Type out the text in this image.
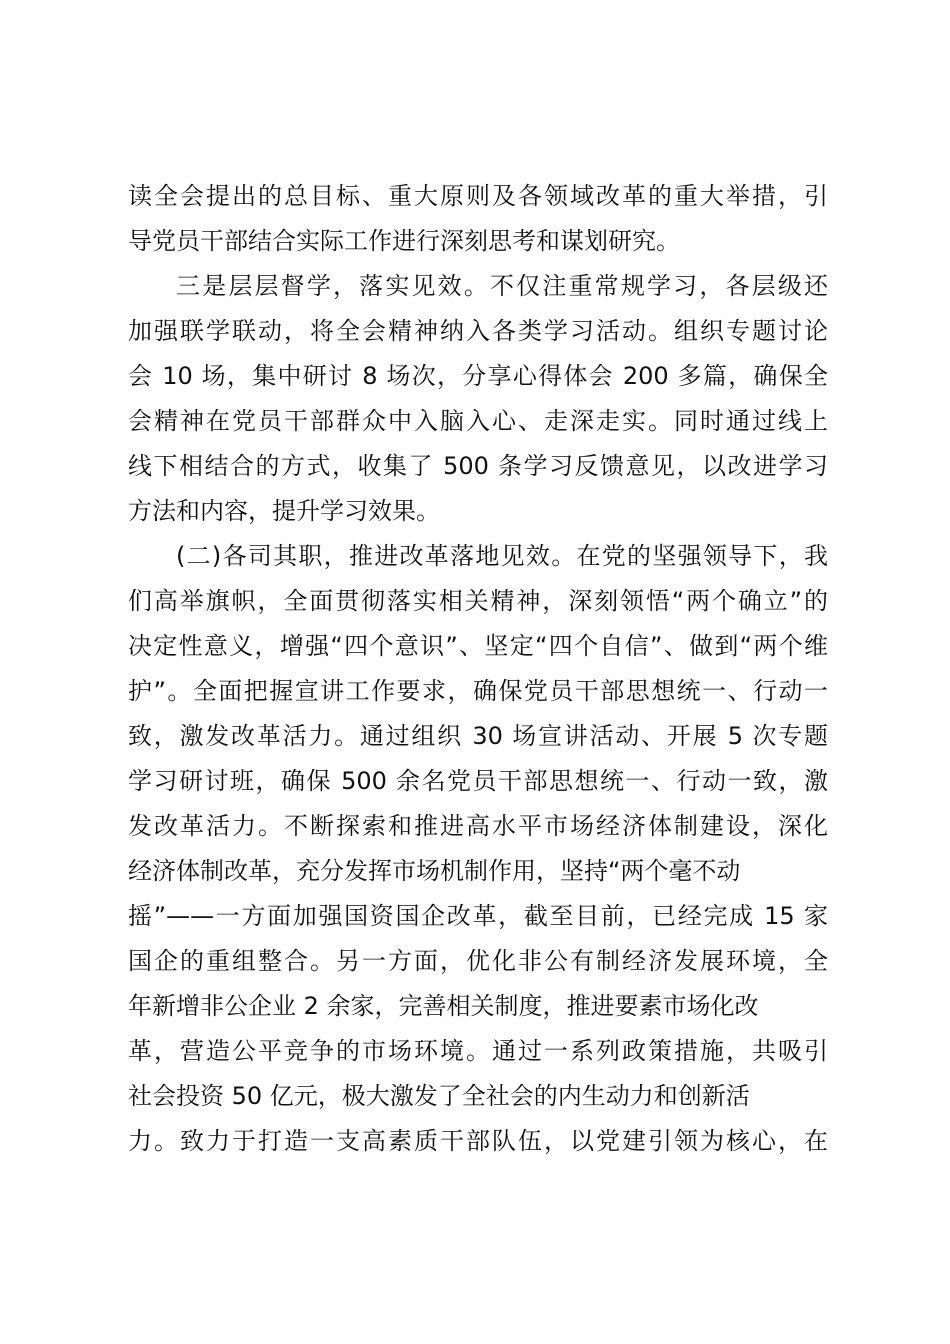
读全会提出的总目标、重大原则及各领域改革的重大举措，引
导党员干部结合实际工作进行深刻思考和谋划研究。
三是层层督学，落实见效。不仅注重常规学习，各层级还
加强联学联动，将全会精神纳入各类学习活动。组织专题讨论
会 10 场，集中研讨 8 场次，分享心得体会 200 多篇，确保全
会精神在党员干部群众中入脑入心、走深走实。同时通过线上
线下相结合的方式，收集了 500 条学习反馈意见，以改进学习
方法和内容，提升学习效果。
(二)各司其职，推进改革落地见效。在党的坚强领导下，我
们高举旗帜，全面贯彻落实相关精神，深刻领悟“两个确立”的
决定性意义，增强“四个意识”、坚定“四个自信”、做到“两个维
护”。全面把握宣讲工作要求，确保党员干部思想统一、行动一
致，激发改革活力。通过组织 30 场宣讲活动、开展 5 次专题
学习研讨班，确保 500 余名党员干部思想统一、行动一致，激
发改革活力。不断探索和推进高水平市场经济体制建设，深化
经济体制改革，充分发挥市场机制作用，坚持“两个毫不动
摇”——一方面加强国资国企改革，截至目前，已经完成 15 家
国企的重组整合。另一方面，优化非公有制经济发展环境，全
年新增非公企业 2 余家，完善相关制度，推进要素市场化改
革，营造公平竞争的市场环境。通过一系列政策措施，共吸引
社会投资 50 亿元，极大激发了全社会的内生动力和创新活
力。致力于打造一支高素质干部队伍，以党建引领为核心，在
